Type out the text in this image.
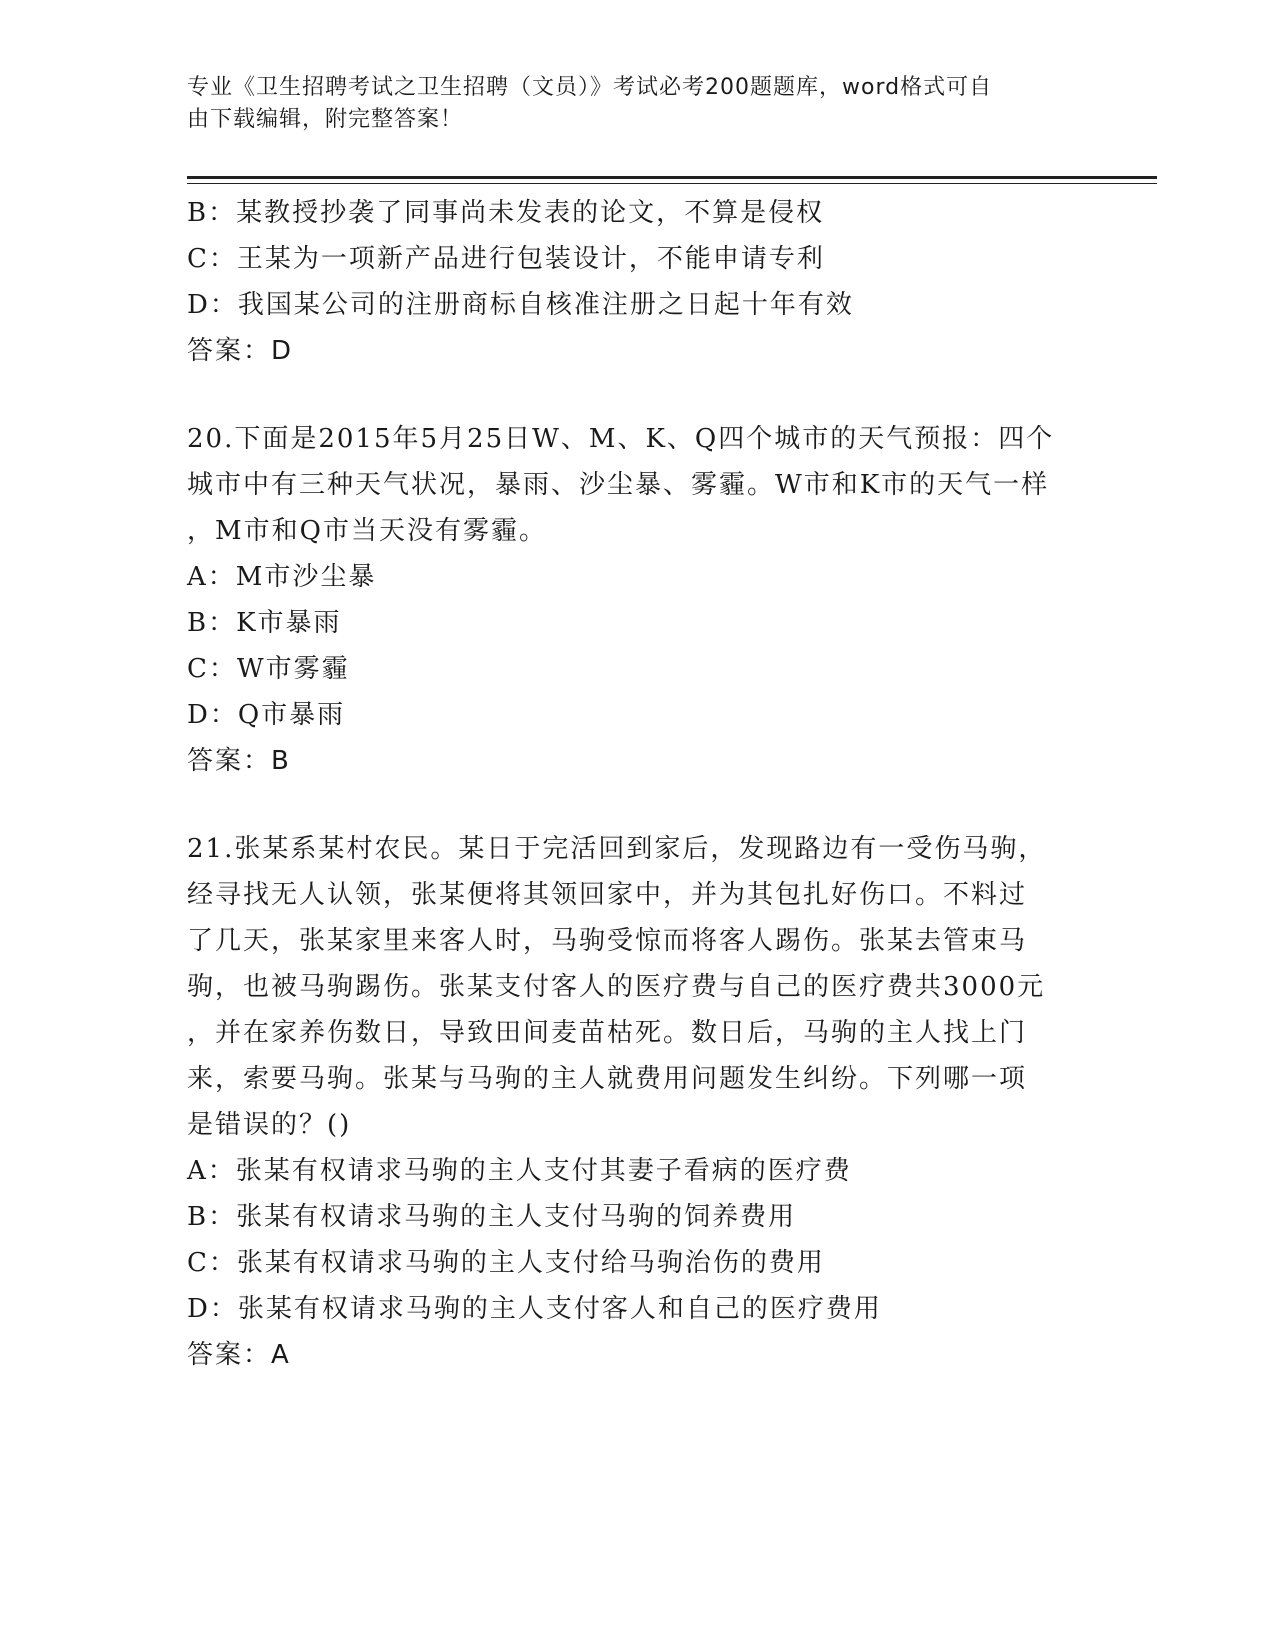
专业《卫生招聘考试之卫生招聘（文员）》考试必考200题题库，word格式可自
由下载编辑，附完整答案！
B：某教授抄袭了同事尚未发表的论文，不算是侵权
C：王某为一项新产品进行包装设计，不能申请专利
D：我国某公司的注册商标自核准注册之日起十年有效
答案：D
20.下面是2015年5月25日W、M、K、Q四个城市的天气预报：四个
城市中有三种天气状况，暴雨、沙尘暴、雾霾。W市和K市的天气一样
，M市和Q市当天没有雾霾。
A：M市沙尘暴
B：K市暴雨
C：W市雾霾
D：Q市暴雨
答案：B
21.张某系某村农民。某日于完活回到家后，发现路边有一受伤马驹，
经寻找无人认领，张某便将其领回家中，并为其包扎好伤口。不料过
了几天，张某家里来客人时，马驹受惊而将客人踢伤。张某去管束马
驹，也被马驹踢伤。张某支付客人的医疗费与自己的医疗费共3000元
，并在家养伤数日，导致田间麦苗枯死。数日后，马驹的主人找上门
来，索要马驹。张某与马驹的主人就费用问题发生纠纷。下列哪一项
是错误的？()
A：张某有权请求马驹的主人支付其妻子看病的医疗费
B：张某有权请求马驹的主人支付马驹的饲养费用
C：张某有权请求马驹的主人支付给马驹治伤的费用
D：张某有权请求马驹的主人支付客人和自己的医疗费用
答案：A
